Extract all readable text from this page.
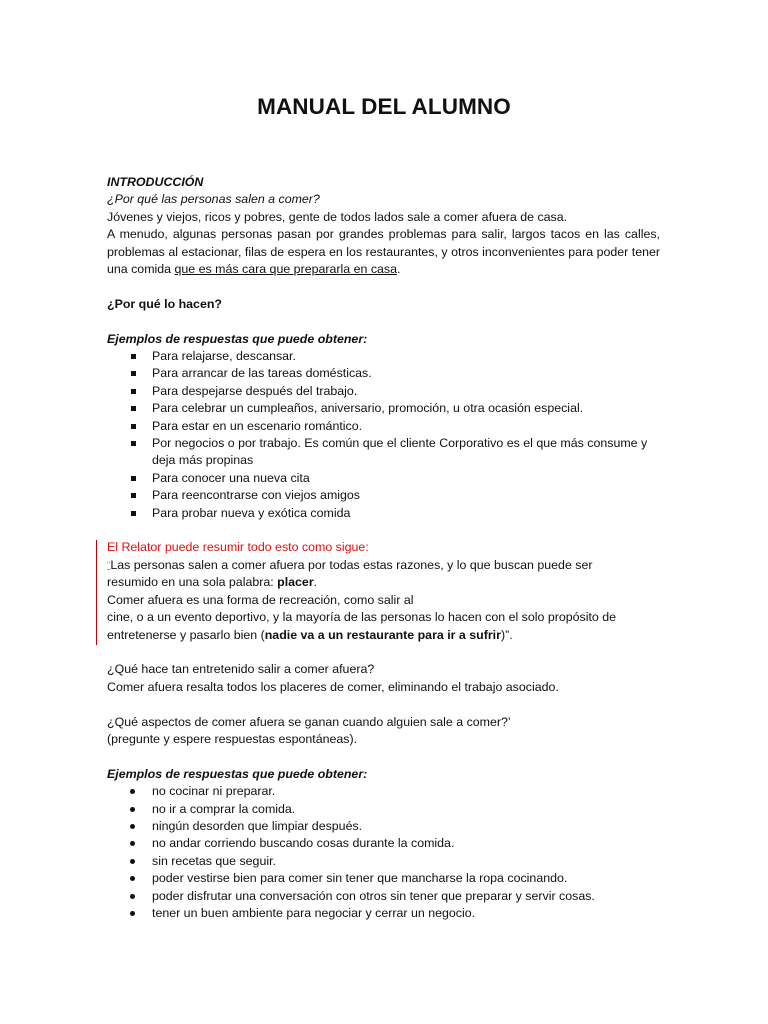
MANUAL DEL ALUMNO

INTRODUCCIÓN

¿Por qué las personas salen a comer?

Jóvenes y viejos, ricos y pobres, gente de todos lados sale a comer afuera de casa.

A menudo, algunas personas pasan por grandes problemas para salir, largos tacos en las calles, problemas al estacionar, filas de espera en los restaurantes, y otros inconvenientes para poder tener una comida que es más cara que prepararla en casa.

¿Por qué lo hacen?

Ejemplos de respuestas que puede obtener:

Para relajarse, descansar.
Para arrancar de las tareas domésticas.
Para despejarse después del trabajo.
Para celebrar un cumpleaños, aniversario, promoción, u otra ocasión especial.
Para estar en un escenario romántico.
Por negocios o por trabajo. Es común que el cliente Corporativo es el que más consume y deja más propinas
Para conocer una nueva cita
Para reencontrarse con viejos amigos
Para probar nueva y exótica comida

El Relator puede resumir todo esto como sigue:

“Las personas salen a comer afuera por todas estas razones, y lo que buscan puede ser

resumido en una sola palabra: placer.

Comer afuera es una forma de recreación, como salir al

cine, o a un evento deportivo, y la mayoría de las personas lo hacen con el solo propósito de

entretenerse y pasarlo bien (nadie va a un restaurante para ir a sufrir)”.

¿Qué hace tan entretenido salir a comer afuera?

Comer afuera resalta todos los placeres de comer, eliminando el trabajo asociado.

¿Qué aspectos de comer afuera se ganan cuando alguien sale a comer?’

(pregunte y espere respuestas espontáneas).

Ejemplos de respuestas que puede obtener:

no cocinar ni preparar.
no ir a comprar la comida.
ningún desorden que limpiar después.
no andar corriendo buscando cosas durante la comida.
sin recetas que seguir.
poder vestirse bien para comer sin tener que mancharse la ropa cocinando.
poder disfrutar una conversación con otros sin tener que preparar y servir cosas.
tener un buen ambiente para negociar y cerrar un negocio.
